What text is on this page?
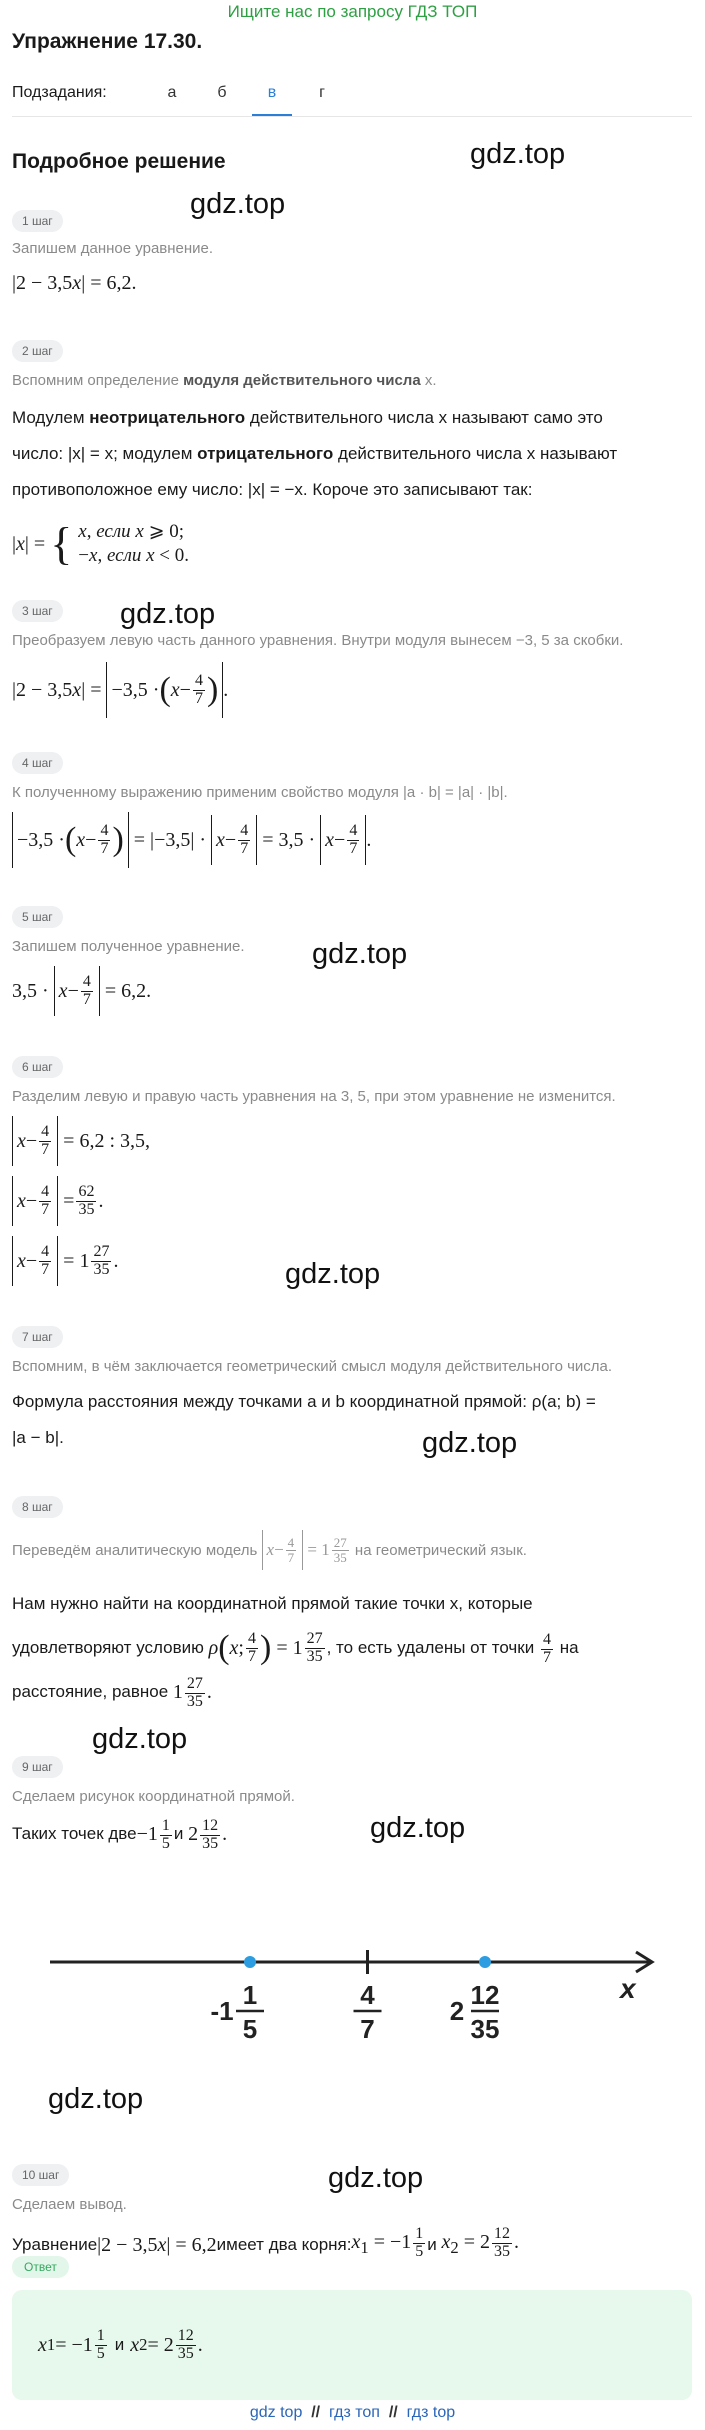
Ищите нас по запросу ГДЗ ТОП
Упражнение 17.30.
Подзадания:	а	б	в	г
Подробное решение	gdz.top
gdz.top
gdz.top
gdz.top
gdz.top
gdz.top
gdz.top
gdz.top
gdz.top
gdz.top
1 шаг
Запишем данное уравнение.
|2 − 3,5 x | = 6,2.
2 шаг
Вспомним определение модуля действительного числа x.
Модулем неотрицательного действительного числа x называют само это
число: |x| = x; модулем отрицательного действительного числа x называют
противоположное ему число: |x| = −x. Короче это записывают так:
| x | = { x, если x ⩾ 0;
−x, если x < 0.
3 шаг
Преобразуем левую часть данного уравнения. Внутри модуля вынесем −3, 5 за скобки.
|2 − 3,5 x | = −3,5 · ( $x - \frac{4}{7}$ ) .
4 шаг
К полученному выражению применим свойство модуля |a · b| = |a| · |b|.
−3,5 · ( $x - \frac{4}{7}$ ) = $|-3,5| \cdot x - \frac{4}{7} = 3,5 \cdot x - \frac{4}{7}$ .
5 шаг
Запишем полученное уравнение.
$3,5 \cdot x - \frac{4}{7} = 6,2$.
6 шаг
Разделим левую и правую часть уравнения на 3, 5, при этом уравнение не изменится.
$x - \frac{4}{7} = 6,2$ : 3,5,
$x - \frac{4}{7} = \frac{62}{35}$ .
$x - \frac{4}{7} = 1 \frac{27}{35}$ .
7 шаг
Вспомним, в чём заключается геометрический смысл модуля действительного числа.
Формула расстояния между точками a и b координатной прямой: ρ(a; b) =
|a − b|.
8 шаг
Переведём аналитическую модель
$x - \frac{4}{7} = 1 \frac{27}{35}$
на геометрический язык.
Нам нужно найти на координатной прямой такие точки x, которые
удовлетворяют условию
ρ ( x ; $\frac{4}{7}$ ) = $1 \frac{27}{35}$ , то есть удалены от точки
$\frac{4}{7}$
на
расстояние, равное
$1 \frac{27}{35}$ .
9 шаг
Сделаем рисунок координатной прямой.
Таких точек две $-1 \frac{1}{5}$ и
$2 \frac{12}{35}$ .
x
-1
1
5
4
7
2
12
35
10 шаг
Сделаем вывод.
Уравнение |2 − 3,5x| = 6,2 имеет два корня: $x_1 = -1 \frac{1}{5}$ и
$x_2 = 2 \frac{12}{35}$ .
Ответ
x $1 = -1 \frac{1}{5}$ и x $2 = 2 \frac{12}{35}$ .
gdz top // гдз топ // гдз top
